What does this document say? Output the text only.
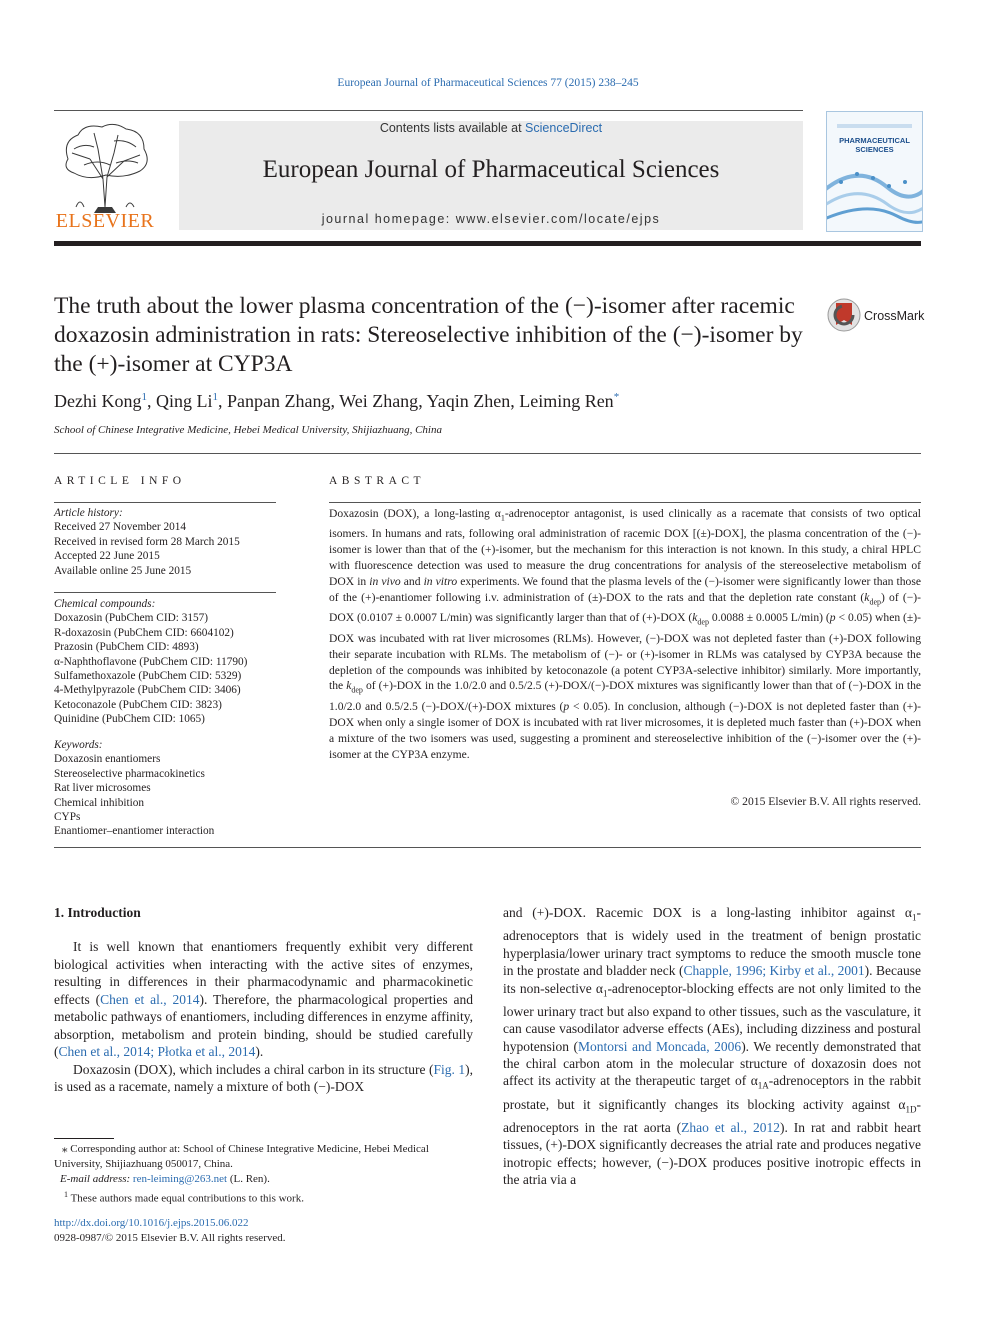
European Journal of Pharmaceutical Sciences 77 (2015) 238–245
ELSEVIER
Contents lists available at ScienceDirect
European Journal of Pharmaceutical Sciences
journal homepage: www.elsevier.com/locate/ejps
PHARMACEUTICAL SCIENCES
The truth about the lower plasma concentration of the (−)-isomer after racemic doxazosin administration in rats: Stereoselective inhibition of the (−)-isomer by the (+)-isomer at CYP3A
CrossMark
Dezhi Kong$^1$, Qing Li$^1$, Panpan Zhang, Wei Zhang, Yaqin Zhen, Leiming Ren*
School of Chinese Integrative Medicine, Hebei Medical University, Shijiazhuang, China
ARTICLE INFO
Article history:
Received 27 November 2014
Received in revised form 28 March 2015
Accepted 22 June 2015
Available online 25 June 2015
Chemical compounds:
Doxazosin (PubChem CID: 3157)
R-doxazosin (PubChem CID: 6604102)
Prazosin (PubChem CID: 4893)
α-Naphthoflavone (PubChem CID: 11790)
Sulfamethoxazole (PubChem CID: 5329)
4-Methylpyrazole (PubChem CID: 3406)
Ketoconazole (PubChem CID: 3823)
Quinidine (PubChem CID: 1065)
Keywords:
Doxazosin enantiomers
Stereoselective pharmacokinetics
Rat liver microsomes
Chemical inhibition
CYPs
Enantiomer–enantiomer interaction
ABSTRACT
Doxazosin (DOX), a long-lasting $\alpha_1$-adrenoceptor antagonist, is used clinically as a racemate that consists of two optical isomers. In humans and rats, following oral administration of racemic DOX [(±)-DOX], the plasma concentration of the (−)-isomer is lower than that of the (+)-isomer, but the mechanism for this interaction is not known. In this study, a chiral HPLC with fluorescence detection was used to measure the drug concentrations for analysis of the stereoselective metabolism of DOX in in vivo and in vitro experiments. We found that the plasma levels of the (−)-isomer were significantly lower than those of the (+)-enantiomer following i.v. administration of (±)-DOX to the rats and that the depletion rate constant $(k_{dep})$ of (−)-DOX (0.0107 ± 0.0007 L/min) was significantly larger than that of (+)-DOX ($k_{dep}$ 0.0088 ± 0.0005 L/min) (p < 0.05) when (±)-DOX was incubated with rat liver microsomes (RLMs). However, (−)-DOX was not depleted faster than (+)-DOX following their separate incubation with RLMs. The metabolism of (−)- or (+)-isomer in RLMs was catalysed by CYP3A because the depletion of the compounds was inhibited by ketoconazole (a potent CYP3A-selective inhibitor) similarly. More importantly, the $k_{dep}$ of (+)-DOX in the 1.0/2.0 and 0.5/2.5 (+)-DOX/(−)-DOX mixtures was significantly lower than that of (−)-DOX in the 1.0/2.0 and 0.5/2.5 (−)-DOX/(+)-DOX mixtures (p < 0.05). In conclusion, although (−)-DOX is not depleted faster than (+)-DOX when only a single isomer of DOX is incubated with rat liver microsomes, it is depleted much faster than (+)-DOX when a mixture of the two isomers was used, suggesting a prominent and stereoselective inhibition of the (−)-isomer over the (+)-isomer at the CYP3A enzyme.
© 2015 Elsevier B.V. All rights reserved.

1. Introduction

It is well known that enantiomers frequently exhibit very different biological activities when interacting with the active sites of enzymes, resulting in differences in their pharmacodynamic and pharmacokinetic effects (Chen et al., 2014). Therefore, the pharmacological properties and metabolic pathways of enantiomers, including differences in enzyme affinity, absorption, metabolism and protein binding, should be studied carefully (Chen et al., 2014; Płotka et al., 2014).

Doxazosin (DOX), which includes a chiral carbon in its structure (Fig. 1), is used as a racemate, namely a mixture of both (−)-DOX

⁎ Corresponding author at: School of Chinese Integrative Medicine, Hebei Medical University, Shijiazhuang 050017, China.
E-mail address: ren-leiming@263.net (L. Ren).
$^1$ These authors made equal contributions to this work.
http://dx.doi.org/10.1016/j.ejps.2015.06.022
0928-0987/© 2015 Elsevier B.V. All rights reserved.

and (+)-DOX. Racemic DOX is a long-lasting inhibitor against $\alpha_1$-adrenoceptors that is widely used in the treatment of benign prostatic hyperplasia/lower urinary tract symptoms to reduce the smooth muscle tone in the prostate and bladder neck (Chapple, 1996; Kirby et al., 2001). Because its non-selective $\alpha_1-adrenoceptor$-blocking effects are not only limited to the lower urinary tract but also expand to other tissues, such as the vasculature, it can cause vasodilator adverse effects (AEs), including dizziness and postural hypotension (Montorsi and Moncada, 2006). We recently demonstrated that the chiral carbon atom in the molecular structure of doxazosin does not affect its activity at the therapeutic target of $\alpha_{1A}$-adrenoceptors in the rabbit prostate, but it significantly changes its blocking activity against $\alpha_{1D}$-adrenoceptors in the rat aorta (Zhao et al., 2012). In rat and rabbit heart tissues, (+)-DOX significantly decreases the atrial rate and produces negative inotropic effects; however, (−)-DOX produces positive inotropic effects in the atria via a
